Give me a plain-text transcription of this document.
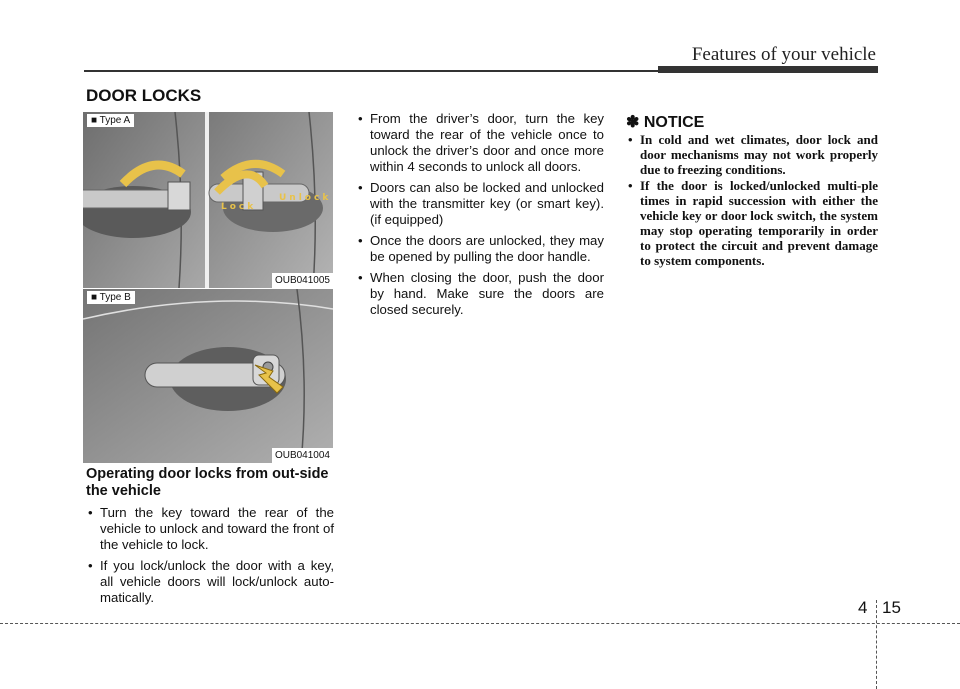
Features of your vehicle
DOOR LOCKS
Lock
Unlock
■ Type A
OUB041005
■ Type B
OUB041004
Operating door locks from out-side the vehicle
• Turn the key toward the rear of the vehicle to unlock and toward the front of the vehicle to lock.
• If you lock/unlock the door with a key, all vehicle doors will lock/unlock auto-matically.
• From the driver’s door, turn the key toward the rear of the vehicle once to unlock the driver’s door and once more within 4 seconds to unlock all doors.
• Doors can also be locked and unlocked with the transmitter key (or smart key). (if equipped)
• Once the doors are unlocked, they may be opened by pulling the door handle.
• When closing the door, push the door by hand. Make sure the doors are closed securely.
✽ NOTICE
• In cold and wet climates, door lock and door mechanisms may not work properly due to freezing conditions.
• If the door is locked/unlocked multi-ple times in rapid succession with either the vehicle key or door lock switch, the system may stop operating temporarily in order to protect the circuit and prevent damage to system components.
4 15
